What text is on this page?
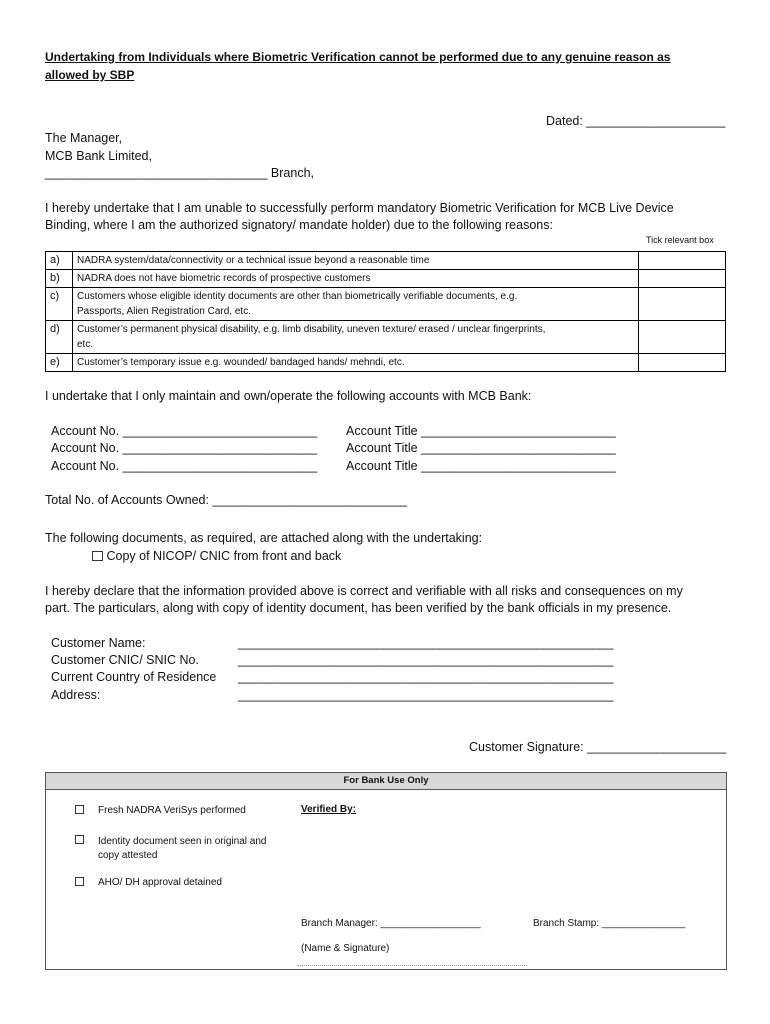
Undertaking from Individuals where Biometric Verification cannot be performed due to any genuine reason as allowed by SBP
Dated: ____________________
The Manager,
MCB Bank Limited,
________________________________ Branch,
I hereby undertake that I am unable to successfully perform mandatory Biometric Verification for MCB Live Device
Binding, where I am the authorized signatory/ mandate holder) due to the following reasons:
Tick relevant box
a)	NADRA system/data/connectivity or a technical issue beyond a reasonable time	
b)	NADRA does not have biometric records of prospective customers	
c)	Customers whose eligible identity documents are other than biometrically verifiable documents, e.g.
Passports, Alien Registration Card, etc.	
d)	Customer’s permanent physical disability, e.g. limb disability, uneven texture/ erased / unclear fingerprints,
etc.	
e)	Customer’s temporary issue e.g. wounded/ bandaged hands/ mehndi, etc.	
I undertake that I only maintain and own/operate the following accounts with MCB Bank:
Account No. ____________________________ Account Title ____________________________
Account No. ____________________________ Account Title ____________________________
Account No. ____________________________ Account Title ____________________________
Total No. of Accounts Owned: ____________________________
The following documents, as required, are attached along with the undertaking:
Copy of NICOP/ CNIC from front and back
I hereby declare that the information provided above is correct and verifiable with all risks and consequences on my
part. The particulars, along with copy of identity document, has been verified by the bank officials in my presence.
Customer Name:	______________________________________________________
Customer CNIC/ SNIC No.	______________________________________________________
Current Country of Residence ______________________________________________________
Address:	______________________________________________________
Customer Signature: ____________________
For Bank Use Only
Fresh NADRA VeriSys performed
Identity document seen in original and
copy attested
AHO/ DH approval detained
Verified By:
Branch Manager: __________________	Branch Stamp: _______________
(Name & Signature)
